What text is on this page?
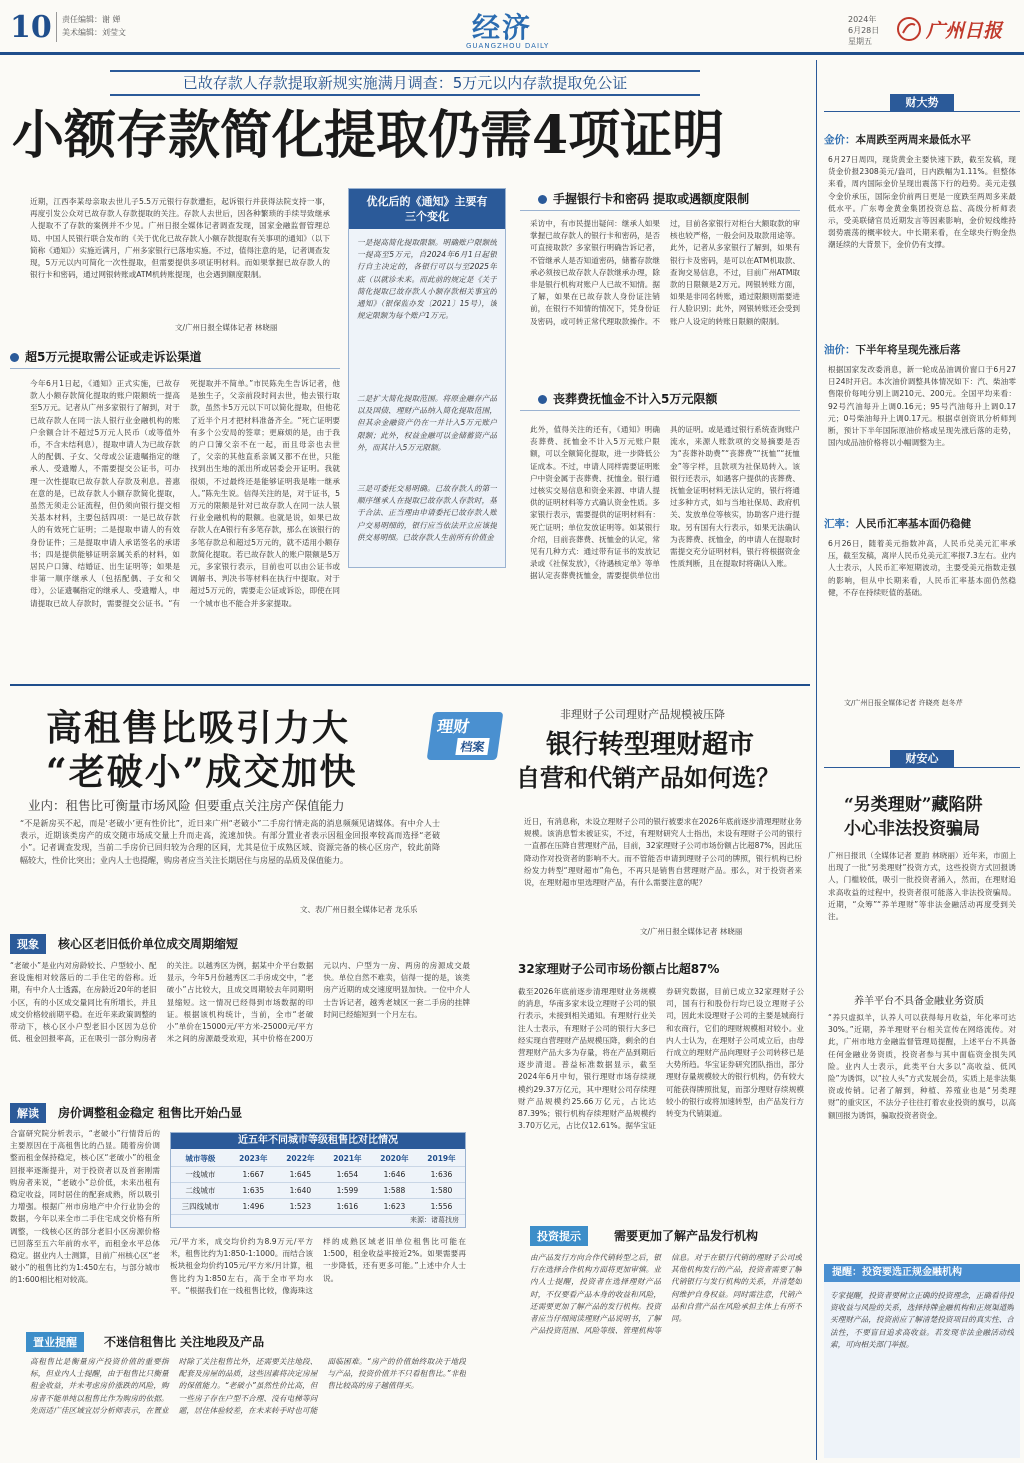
10 责任编辑：谢 婵
美术编辑：刘莹文	经济
GUANGZHOU DAILY
2024年
6月28日
星期五	广州日报
已故存款人存款提取新规实施满月调查：5万元以内存款提取免公证
小额存款简化提取仍需4项证明
近期，江西李某母亲取去世儿子5.5万元银行存款遭拒，起诉银行并获得法院支持一事，再度引发公众对已故存款人存款提取的关注。存款人去世后，因各种繁琐的手续导致继承人提取不了存款的案例并不少见。广州日报全媒体记者调查发现，国家金融监督管理总局、中国人民银行联合发布的《关于优化已故存款人小额存款提取有关事项的通知》（以下简称《通知》）实施近满月，广州多家银行已落地实施。不过，值得注意的是，记者调查发现，5万元以内可简化一次性提取，但需要提供多项证明材料。而如果掌握已故存款人的银行卡和密码，通过网银转账或ATM机转账提现，也会遇到额度限制。
文/广州日报全媒体记者 林晓丽
优化后的《通知》主要有三个变化
一是提高简化提取限额。明确账户限额统一提高至5万元，自2024年6月1日起银行自主决定的，各银行可以与至2025年底（以就诊未来。而此前的规定是《关于简化提取已故存款人小额存款相关事宜的通知》（银保监办发〔2021〕15号），该规定限额为每个账户1万元。
二是扩大简化提取范围。将原金融存产品以及国债、理财产品纳入简化提取范围，但其余金融资产仍在一并计入5万元账户限额；此外，权益金融可以金储蓄资产品外，而其计入5万元限额。
三是可委托交易明确。已故存款人的第一顺序继承人在提取已故存款人存款时，基于合法、正当理由申请委托已故存款人账户交易明细的，银行应当依法开立应该提供交易明细。已故存款人生前所有价值金
超5万元提取需公证或走诉讼渠道
今年6月1日起，《通知》正式实施，已故存款人小额存款简化提取的账户限额统一提高至5万元。记者从广州多家银行了解到，对于已故存款人在同一法人银行业金融机构的账户余额合计不超过5万元人民币（或等值外币，不含未结利息），提取申请人为已故存款人的配偶、子女、父母或公证遗嘱指定的继承人、受遗赠人，不需要提交公证书，可办理一次性提取已故存款人存款及利息。普惠在意的是，已故存款人小额存款简化提取，虽然无须走公证流程，但仍须向银行提交相关基本材料，主要包括四项：一是已故存款人的有效死亡证明；二是提取申请人的有效身份证件；三是提取申请人承诺签名的承诺书；四是提供能够证明亲属关系的材料，如居民户口簿、结婚证、出生证明等；如果是非第一顺序继承人（包括配偶、子女和父母），公证遗嘱指定的继承人、受遗赠人，申请提取已故人存款时，需要提交公证书。“有死提取并不简单。”市民陈先生告诉记者，他是独生子，父亲前段时间去世，他去银行取款，虽然卡5万元以下可以简化提取，但他花了近半个月才把材料准备齐全。“死亡证明要有多个公安局的签章；更麻烦的是，由于我的户口簿父亲不在一起，而且母亲也去世了，父亲的其他直系亲属又都不在世，只能找到出生地的派出所或居委会开证明。我就很烦，不过最终还是能够证明我是唯一继承人。”陈先生说。信得关注的是，对于证书，5万元的限额是针对已故存款人在同一法人银行业金融机构的限额。也就是说，如果已故存款人在A银行有多笔存款，那么在该银行的多笔存款总和超过5万元的，就不适用小额存款简化提取。若已故存款人的账户限额是5万元，多家银行表示，目前也可以由公证书或调解书、判决书等材料在执行中提取。对于超过5万元的，需要走公证或诉讼，即使在同一个城市也不能合并多家提取。
手握银行卡和密码 提取或遇额度限制
采访中，有市民提出疑问：继承人如果掌握已故存款人的银行卡和密码，是否可直接取款？多家银行明确告诉记者，不管继承人是否知道密码，储蓄存款继承必须按已故存款人存款继承办理，除非是银行机构对账户人已故不知情。据了解，如果在已故存款人身份证注销前，在银行不知情的情况下，凭身份证及密码，或可转正常代理取款操作。不过，目前各家银行对柜台大额取款的审核也较严格，一般会问及取款用途等。此外，记者从多家银行了解到，如果有银行卡及密码，是可以在ATM机取款、查询交易信息，不过，目前广州ATM取款的日限额是2万元。网银转账方面，如果是非同名转账，通过限额则需要进行人脸识别；此外，网银转账还会受到账户人设定的转账日限额的限制。
丧葬费抚恤金不计入5万元限额
此外，值得关注的还有，《通知》明确丧葬费、抚恤金不计入5万元账户限额，可以全额简化提取，进一步降低公证成本。不过，申请人同样需要证明账户中资金属于丧葬费、抚恤金。银行通过核实交易信息和资金来源、申请人提供的证明材料等方式确认资金性质。多家银行表示，需要提供的证明材料有：死亡证明；单位发放证明等。如某银行介绍，目前丧葬费、抚恤金的认定，常见有几种方式：通过带有证书的发放记录或《社保发放》，《待遇核定单》等单据认定丧葬费抚恤金，需要提供单位出具的证明。或是通过银行系统查询账户流水，来源人账款项的交易摘要是否为“丧葬补助费”“丧葬费”“抚恤”“抚恤金”等字样，且款项为社保局转入。该银行还表示，如遇客户提供的丧葬费、抚恤金证明材料无法认定的，银行将通过多种方式，如与当地社保局、政府机关、发放单位等核实，协助客户进行提取。另有国有大行表示，如果无法确认为丧葬费、抚恤金，的申请人在提取时需提交充分证明材料，银行将根据资金性质判断，且在提取时将确认入账。
高租售比吸引力大
“老破小”成交加快
业内：租售比可衡量市场风险 但要重点关注房产保值能力
“不是新房买不起，而是‘老破小’更有性价比”，近日来广州“老破小”二手房行情走高的消息频频见诸媒体。有中介人士表示，近期该类房产的成交随市场成交量上升而走高，流速加快。有部分置业者表示因租金回报率较高而选择“老破小”。记者调查发现，当前二手房价已回归较为合理的区间，尤其是位于成熟区域、资源完备的核心区房产，较此前降幅较大，性价比突出；业内人士也提醒，购房者应当关注长期居住与房屋的品质及保值能力。
文、表/广州日报全媒体记者 龙乐乐
现象	核心区老旧低价单位成交周期缩短
“老破小”是业内对房龄较长、户型较小、配套设施相对较落后的二手住宅的俗称。近期，有中介人士透露，在房龄近20年的老旧小区，有的小区成交量同比有所增长，并且成交价格较前期平稳。在近年来政策调整的带动下，核心区小户型老旧小区因为总价低、租金回报率高，正在吸引一部分购房者的关注。以越秀区为例，据某中介平台数据显示，今年5月份越秀区二手房成交中，“老破小”占比较大，且成交周期较去年同期明显缩短。这一情况已经得到市场数据的印证。根据该机构统计，当前，全市“老破小”单价在15000元/平方米-25000元/平方米之间的房源最受欢迎，其中价格在200万元以内、户型为一房、两房的房源成交最快。单位自然不难卖，信得一提的是，该类房产近期的成交速度明显加快。一位中介人士告诉记者，越秀老城区一套二手房的挂牌时间已经缩短到一个月左右。
解读	房价调整租金稳定 租售比开始凸显
合富研究院分析表示，“老破小”行情背后的主要原因在于高租售比的凸显。随着房价调整而租金保持稳定，核心区“老破小”的租金回报率逐渐提升，对于投资者以及首套刚需购房者来说，“老破小”总价低，未来出租有稳定收益，同时居住的配套成熟，所以吸引力增强。根据广州市房地产中介行业协会的数据，今年以来全市二手住宅成交价格有所调整，一线核心区的部分老旧小区房源价格已回落至五六年前的水平，而租金水平总体稳定。据业内人士测算，目前广州核心区“老破小”的租售比约为1:450左右，与部分城市的1:600相比相对较高。
近五年不同城市等级租售比对比情况
城市等级	2023年	2022年	2021年	2020年	2019年
一线城市	1:667	1:645	1:654	1:646	1:636
二线城市	1:635	1:640	1:599	1:588	1:580
三四线城市	1:496	1:523	1:616	1:623	1:556
来源：诸葛找房
元/平方米，成交均价约为8.9万元/平方米，租售比约为1:850-1:1000。而结合该板块租金均价约105元/平方米/月计算，租售比约为1:850左右，高于全市平均水平。“根据我们在一线租售比较，像海珠这样的成熟区域老旧单位租售比可能在1:500，租金收益率接近2%。如果需要再一步降低，还有更多可能。”上述中介人士说。
置业提醒	不迷信租售比 关注地段及产品
高租售比是衡量房产投资价值的重要指标，但业内人士提醒，由于租售比只衡量租金收益，并未考虑房价涨跌的风险，购房者不能单纯以租售比作为购房的依据。先而适广佳区域宜居分析师表示，在置业时除了关注租售比外，还需要关注地段、配套及房屋的品质，这些因素将决定房屋的保值能力。“老破小”虽然性价比高，但一些房子存在户型不合理、没有电梯等问题，居住体验较差，在未来转手时也可能面临困难。“房产的价值始终取决于地段与产品，投资价值并不只看租售比。”非租售比较高的房子越值得买。
理财
档案
非理财子公司理财产品规模被压降
银行转型理财超市
自营和代销产品如何选？
近日，有消息称，未设立理财子公司的银行被要求在2026年底前逐步清理理财业务规模。该消息暂未被证实，不过，有理财研究人士指出，未设有理财子公司的银行一直都在压降自营理财产品，目前，32家理财子公司市场份额占比超87%，因此压降动作对投资者的影响不大。而不管能否申请到理财子公司的牌照，银行机构已纷纷发力转型“理财超市”角色，不再只是销售自营理财产品。那么，对于投资者来说，在理财超市里选理财产品，有什么需要注意的呢？
文/广州日报全媒体记者 林晓丽
32家理财子公司市场份额占比超87%
截至2026年底前逐步清理理财业务规模的消息，华南多家未设立理财子公司的银行表示，未接到相关通知。有理财行业关注人士表示，有理财子公司的银行大多已经实现自营理财产品规模压降，剩余的自营理财产品大多为存量，将在产品到期后逐步清退。普益标准数据显示，截至2024年6月中旬，银行理财市场存续规模约29.37万亿元，其中理财公司存续理财产品规模约25.66万亿元，占比达87.39%；银行机构存续理财产品规模约3.70万亿元，占比仅12.61%。据华宝证券研究数据，目前已成立32家理财子公司，国有行和股份行均已设立理财子公司，因此未设理财子公司的主要是城商行和农商行，它们的理财规模相对较小。业内人士认为，在理财子公司成立后，由母行成立的理财产品向理财子公司转移已是大势所趋。华宝证券研究团队指出，部分理财存量规模较大的银行机构，仍有较大可能获得牌照批复，而部分理财存续规模较小的银行或将加速转型，由产品发行方转变为代销渠道。
投资提示	需要更加了解产品发行机构
由产品发行方向合作代销转型之后，银行在选择合作机构方面将更加审慎。业内人士提醒，投资者在选择理财产品时，不仅要看产品本身的收益和风险，还需要更加了解产品的发行机构。投资者应当仔细阅读理财产品说明书，了解产品投资范围、风险等级、管理机构等信息。对于在银行代销的理财子公司或其他机构发行的产品，投资者需要了解代销银行与发行机构的关系，并清楚如何维护自身权益。同时需注意，代销产品和自营产品在风险承担主体上有所不同。
财大势
金价：本周跌至两周来最低水平
6月27日周四，现货黄金主要快速下跌，截至发稿，现货金价报2308美元/盎司，日内跌幅为1.11%。但整体来看，周内国际金价呈现出震荡下行的趋势。美元走强令金价承压，国际金价前两日更是一度跌至两周多来最低水平。广东粤金黄金集团投资总监、高级分析师表示，受美联储官员近期发言等因素影响，金价短线维持弱势震荡的概率较大。中长期来看，在全球央行购金热潮延续的大背景下，金价仍有支撑。
油价：下半年将呈现先涨后落
根据国家发改委消息，新一轮成品油调价窗口于6月27日24时开启。本次油价调整具体情况如下：汽、柴油零售限价每吨分别上调210元、200元。全国平均来看：92号汽油每升上调0.16元；95号汽油每升上调0.17元；0号柴油每升上调0.17元。根据卓创资讯分析师判断，预计下半年国际原油价格或呈现先涨后落的走势，国内成品油价格将以小幅调整为主。
汇率：人民币汇率基本面仍稳健
6月26日，随着美元指数冲高，人民币兑美元汇率承压，截至发稿，离岸人民币兑美元汇率报7.3左右。业内人士表示，人民币汇率短期波动，主要受美元指数走强的影响，但从中长期来看，人民币汇率基本面仍然稳健，不存在持续贬值的基础。
文/广州日报全媒体记者 许晓亮 赵冬芹
财安心
“另类理财”藏陷阱
小心非法投资骗局
广州日报讯（全媒体记者 夏韵 林晓丽）近年来，市面上出现了一批“另类理财”投资方式，这些投资方式回报诱人，门槛较低，吸引一批投资者涌入，然而，在理财追求高收益的过程中，投资者很可能落入非法投资骗局。近期，“众筹”“养羊理财”等非法金融活动再度受到关注。
养羊平台不具备金融业务资质
“养只虚拟羊，认养人可以获得每月收益，年化率可达30%。”近期，养羊理财平台相关宣传在网络流传。对此，广州市地方金融监督管理局提醒，上述平台不具备任何金融业务资质，投资者参与其中面临资金损失风险。业内人士表示，此类平台大多以“高收益、低风险”为诱饵，以“拉人头”方式发展会员，实质上是非法集资或传销。记者了解到，种植、养殖业也是“另类理财”的重灾区，不法分子往往打着农业投资的旗号，以高额回报为诱饵，骗取投资者资金。
提醒：投资要选正规金融机构
专家提醒，投资者要树立正确的投资理念，正确看待投资收益与风险的关系，选择持牌金融机构和正规渠道购买理财产品，投资前应了解清楚投资项目的真实性、合法性，不要盲目追求高收益。若发现非法金融活动线索，可向相关部门举报。
